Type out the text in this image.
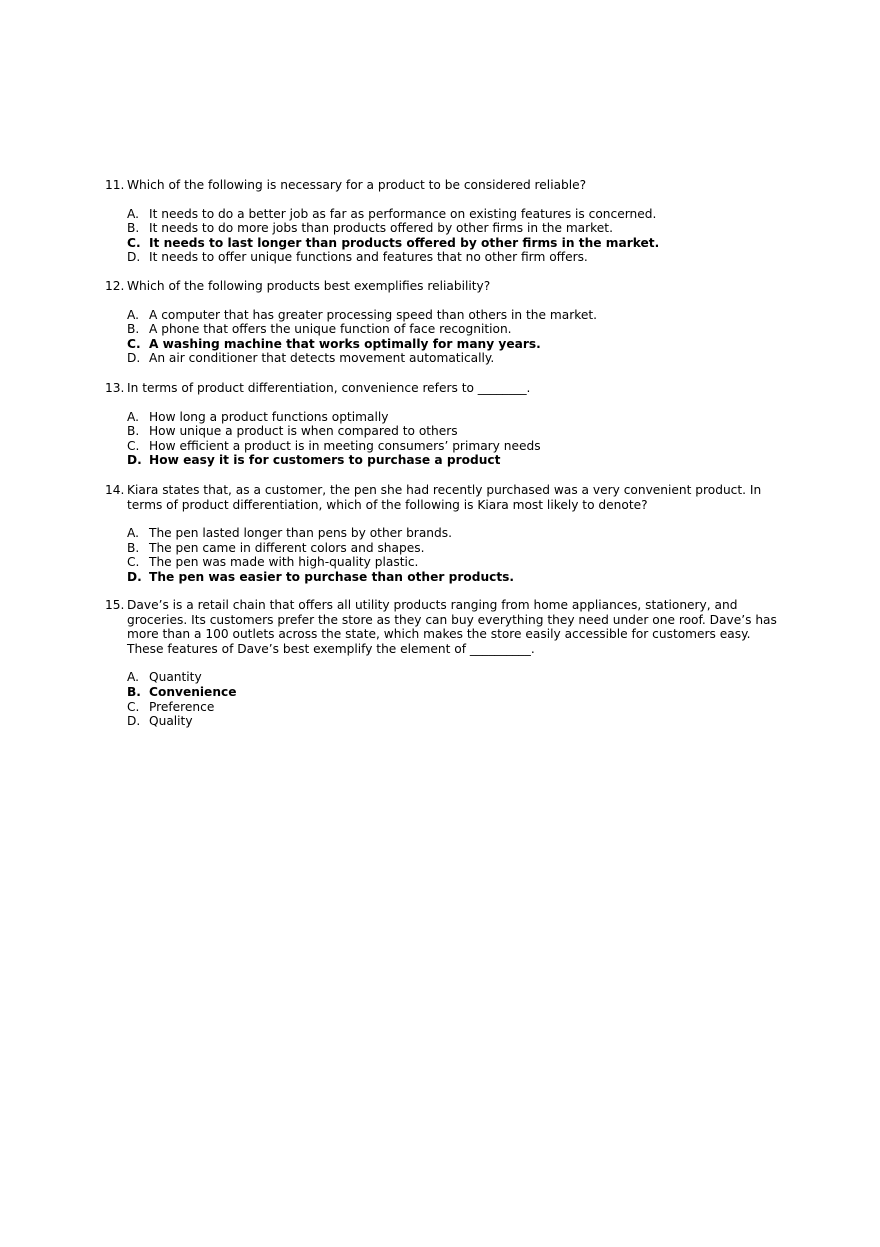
11. Which of the following is necessary for a product to be considered reliable?
A. It needs to do a better job as far as performance on existing features is concerned.
B. It needs to do more jobs than products offered by other firms in the market.
C. It needs to last longer than products offered by other firms in the market.
D. It needs to offer unique functions and features that no other firm offers.
12. Which of the following products best exemplifies reliability?
A. A computer that has greater processing speed than others in the market.
B. A phone that offers the unique function of face recognition.
C. A washing machine that works optimally for many years.
D. An air conditioner that detects movement automatically.
13. In terms of product differentiation, convenience refers to ________.
A. How long a product functions optimally
B. How unique a product is when compared to others
C. How efficient a product is in meeting consumers’ primary needs
D. How easy it is for customers to purchase a product
14. Kiara states that, as a customer, the pen she had recently purchased was a very convenient product. In terms of product differentiation, which of the following is Kiara most likely to denote?
A. The pen lasted longer than pens by other brands.
B. The pen came in different colors and shapes.
C. The pen was made with high-quality plastic.
D. The pen was easier to purchase than other products.
15. Dave’s is a retail chain that offers all utility products ranging from home appliances, stationery, and groceries. Its customers prefer the store as they can buy everything they need under one roof. Dave’s has more than a 100 outlets across the state, which makes the store easily accessible for customers easy. These features of Dave’s best exemplify the element of __________.
A. Quantity
B. Convenience
C. Preference
D. Quality
